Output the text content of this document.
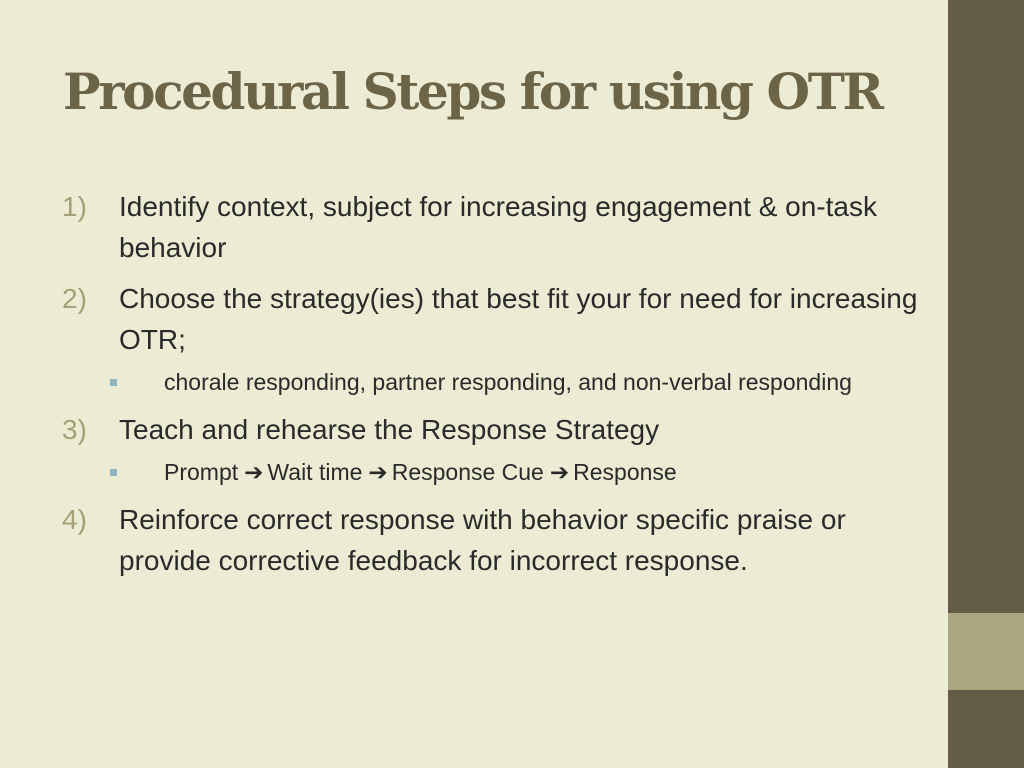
Procedural Steps for using OTR
1) Identify context, subject for increasing engagement & on-task behavior
2) Choose the strategy(ies) that best fit your for need for increasing OTR;
chorale responding, partner responding, and non-verbal responding
3) Teach and rehearse the Response Strategy
Prompt ➔ Wait time ➔ Response Cue ➔ Response
4) Reinforce correct response with behavior specific praise or provide corrective feedback for incorrect response.
